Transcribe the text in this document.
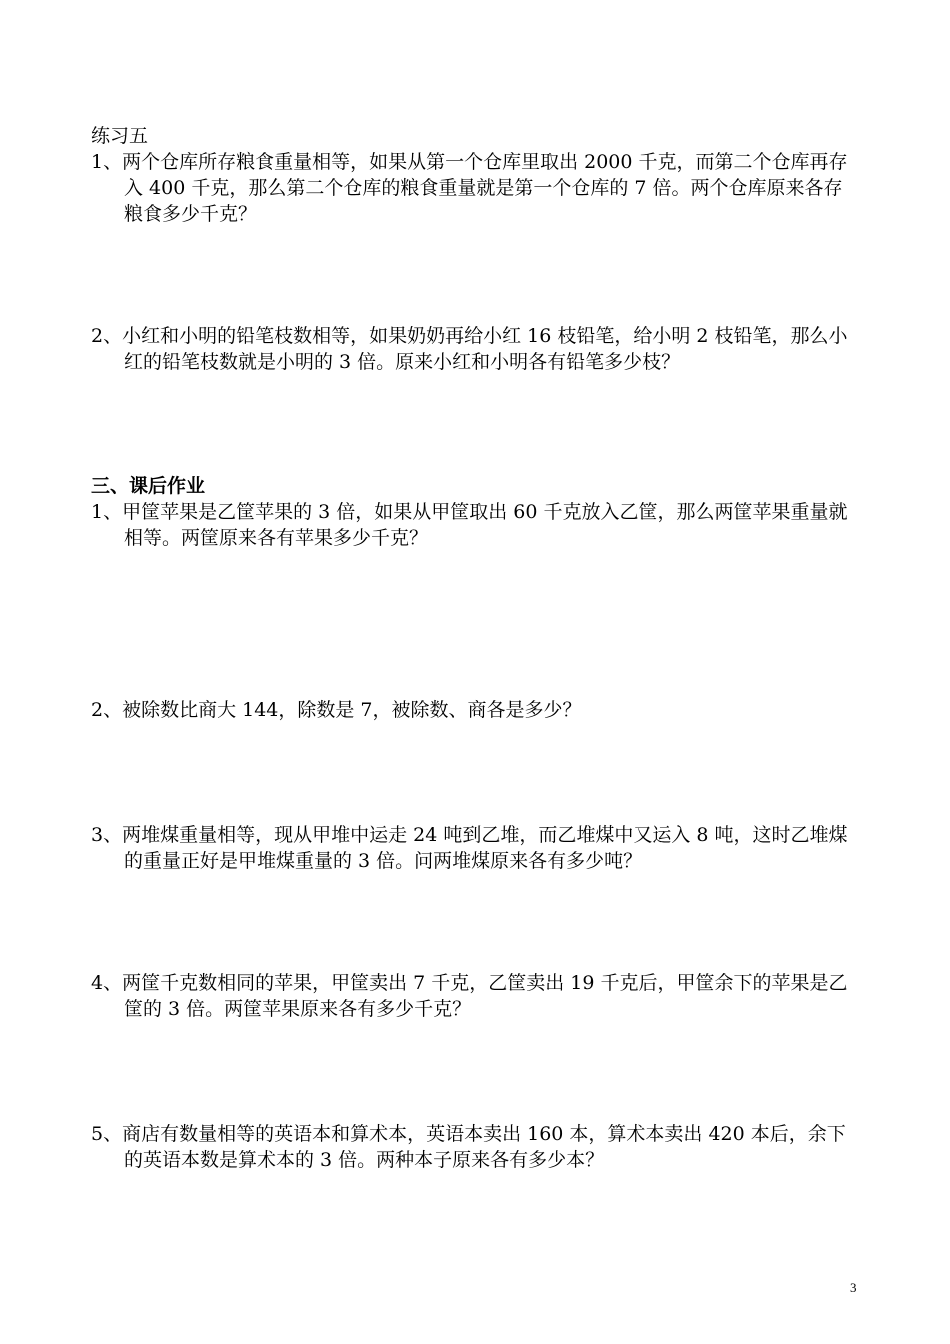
练习五
1、两个仓库所存粮食重量相等，如果从第一个仓库里取出 2000 千克，而第二个仓库再存入 400 千克，那么第二个仓库的粮食重量就是第一个仓库的 7 倍。两个仓库原来各存粮食多少千克？
2、小红和小明的铅笔枝数相等，如果奶奶再给小红 16 枝铅笔，给小明 2 枝铅笔，那么小红的铅笔枝数就是小明的 3 倍。原来小红和小明各有铅笔多少枝？
三、课后作业
1、甲筐苹果是乙筐苹果的 3 倍，如果从甲筐取出 60 千克放入乙筐，那么两筐苹果重量就相等。两筐原来各有苹果多少千克？
2、被除数比商大 144，除数是 7，被除数、商各是多少？
3、两堆煤重量相等，现从甲堆中运走 24 吨到乙堆，而乙堆煤中又运入 8 吨，这时乙堆煤的重量正好是甲堆煤重量的 3 倍。问两堆煤原来各有多少吨？
4、两筐千克数相同的苹果，甲筐卖出 7 千克，乙筐卖出 19 千克后，甲筐余下的苹果是乙筐的 3 倍。两筐苹果原来各有多少千克？
5、商店有数量相等的英语本和算术本，英语本卖出 160 本，算术本卖出 420 本后，余下的英语本数是算术本的 3 倍。两种本子原来各有多少本？
3
